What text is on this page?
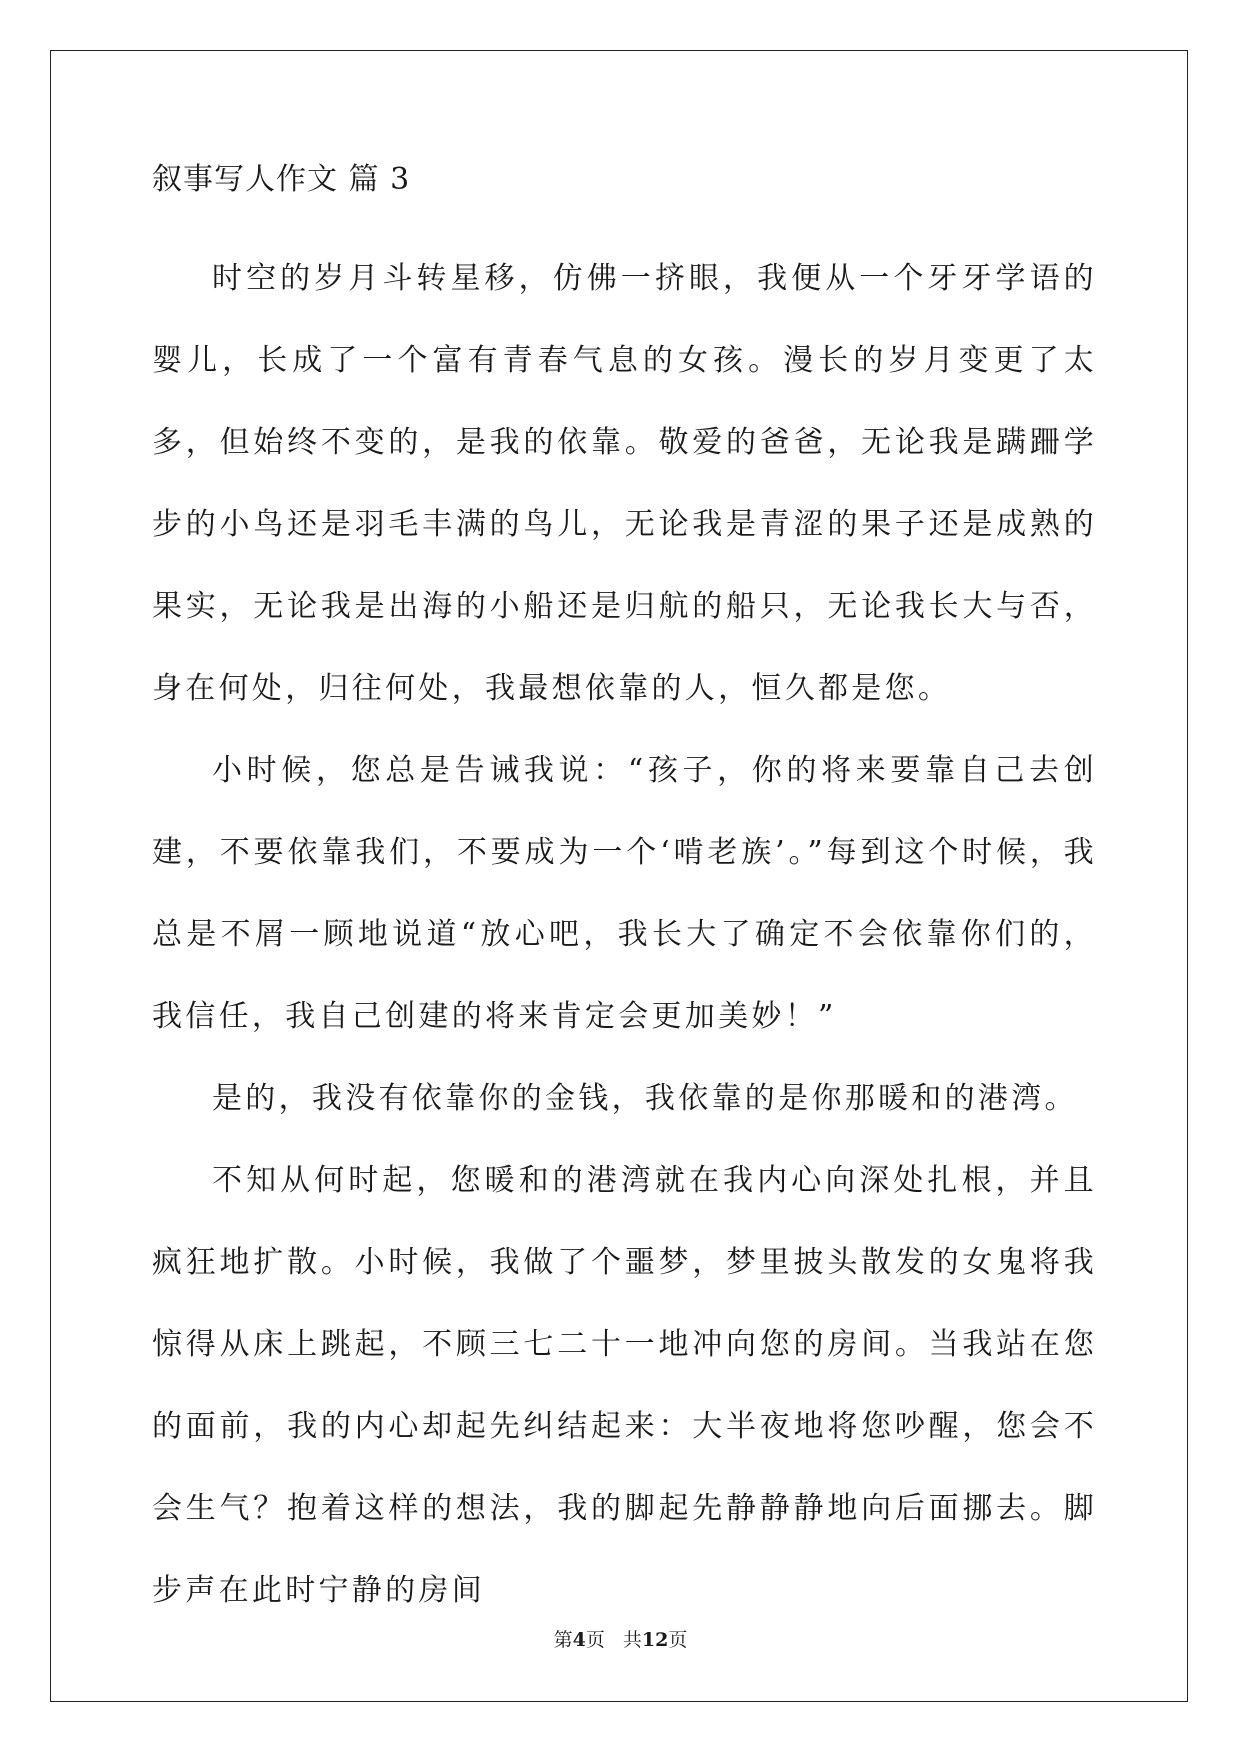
叙事写人作文 篇 3

时空的岁月斗转星移，仿佛一挤眼，我便从一个牙牙学语的婴儿，长成了一个富有青春气息的女孩。漫长的岁月变更了太多，但始终不变的，是我的依靠。敬爱的爸爸，无论我是蹒跚学步的小鸟还是羽毛丰满的鸟儿，无论我是青涩的果子还是成熟的果实，无论我是出海的小船还是归航的船只，无论我长大与否，身在何处，归往何处，我最想依靠的人，恒久都是您。

小时候，您总是告诫我说：“孩子，你的将来要靠自己去创建，不要依靠我们，不要成为一个‘啃老族’。”每到这个时候，我总是不屑一顾地说道“放心吧，我长大了确定不会依靠你们的，我信任，我自己创建的将来肯定会更加美妙！”

是的，我没有依靠你的金钱，我依靠的是你那暖和的港湾。

不知从何时起，您暖和的港湾就在我内心向深处扎根，并且疯狂地扩散。小时候，我做了个噩梦，梦里披头散发的女鬼将我惊得从床上跳起，不顾三七二十一地冲向您的房间。当我站在您的面前，我的内心却起先纠结起来：大半夜地将您吵醒，您会不会生气？抱着这样的想法，我的脚起先静静静地向后面挪去。脚步声在此时宁静的房间

第4页 共12页
